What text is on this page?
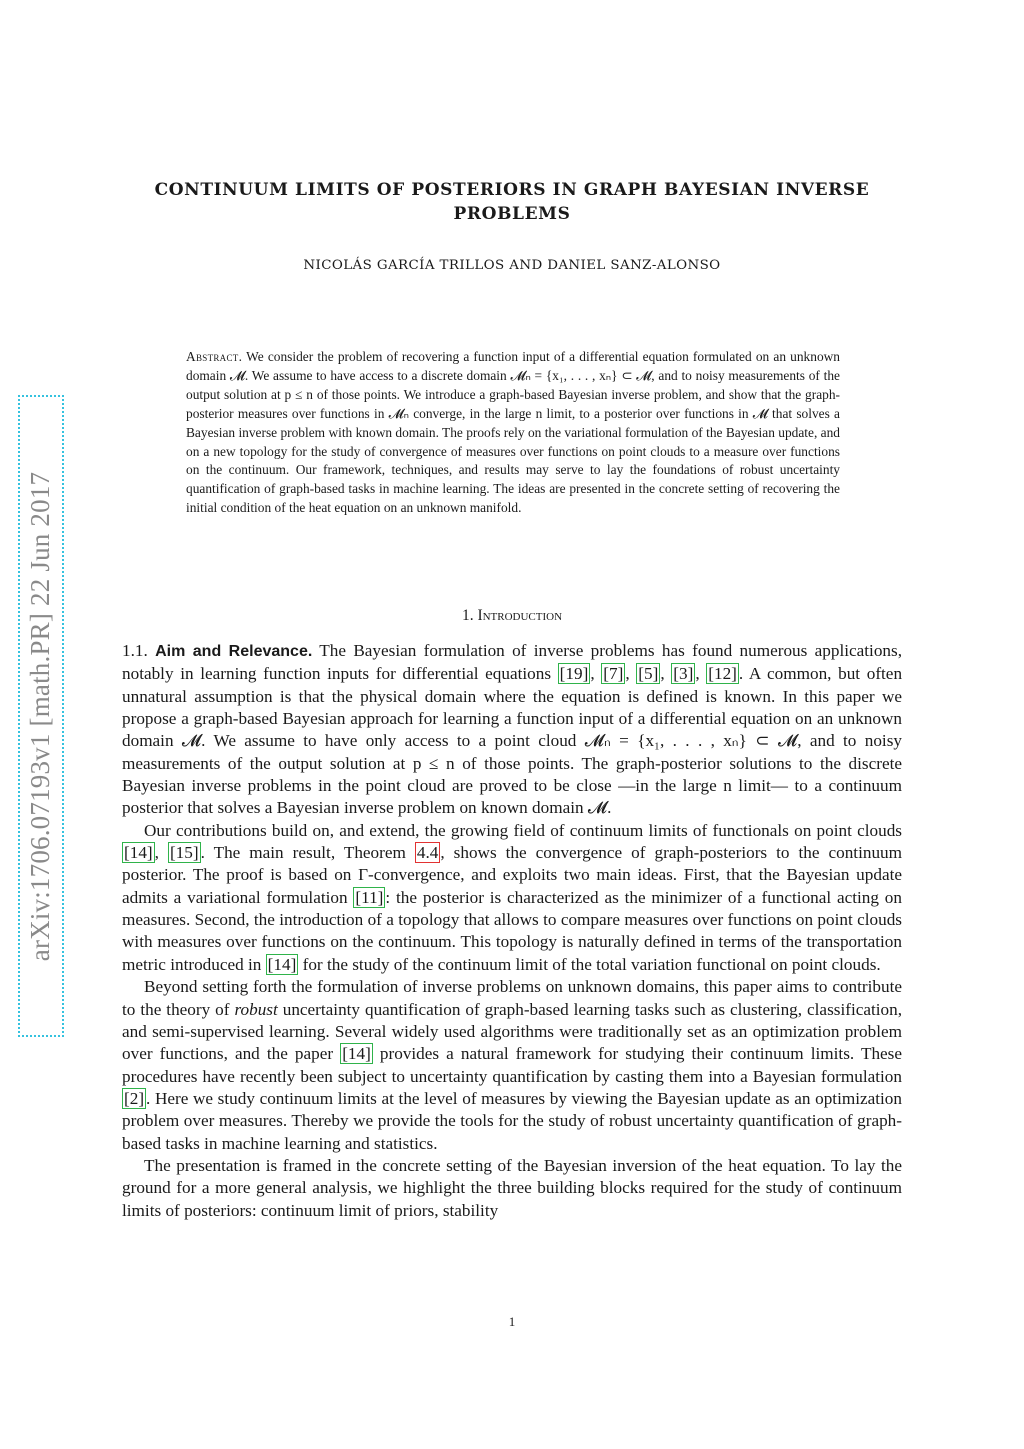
arXiv:1706.07193v1 [math.PR] 22 Jun 2017
CONTINUUM LIMITS OF POSTERIORS IN GRAPH BAYESIAN INVERSE
PROBLEMS
NICOLÁS GARCÍA TRILLOS AND DANIEL SANZ-ALONSO
Abstract. We consider the problem of recovering a function input of a differential equation formulated on an unknown domain 𝓜. We assume to have access to a discrete domain 𝓜ₙ = {x₁, . . . , xₙ} ⊂ 𝓜, and to noisy measurements of the output solution at p ≤ n of those points. We introduce a graph-based Bayesian inverse problem, and show that the graph-posterior measures over functions in 𝓜ₙ converge, in the large n limit, to a posterior over functions in 𝓜 that solves a Bayesian inverse problem with known domain. The proofs rely on the variational formulation of the Bayesian update, and on a new topology for the study of convergence of measures over functions on point clouds to a measure over functions on the continuum. Our framework, techniques, and results may serve to lay the foundations of robust uncertainty quantification of graph-based tasks in machine learning. The ideas are presented in the concrete setting of recovering the initial condition of the heat equation on an unknown manifold.
1. Introduction

1.1. Aim and Relevance. The Bayesian formulation of inverse problems has found numerous applications, notably in learning function inputs for differential equations [19] , [7] , [5] , [3] , [12] . A common, but often unnatural assumption is that the physical domain where the equation is defined is known. In this paper we propose a graph-based Bayesian approach for learning a function input of a differential equation on an unknown domain 𝓜. We assume to have only access to a point cloud 𝓜ₙ = {x₁, . . . , xₙ} ⊂ 𝓜, and to noisy measurements of the output solution at p ≤ n of those points. The graph-posterior solutions to the discrete Bayesian inverse problems in the point cloud are proved to be close —in the large n limit— to a continuum posterior that solves a Bayesian inverse problem on known domain 𝓜.

Our contributions build on, and extend, the growing field of continuum limits of functionals on point clouds [14] , [15] . The main result, Theorem 4.4 , shows the convergence of graph-posteriors to the continuum posterior. The proof is based on Γ-convergence, and exploits two main ideas. First, that the Bayesian update admits a variational formulation [11] : the posterior is characterized as the minimizer of a functional acting on measures. Second, the introduction of a topology that allows to compare measures over functions on point clouds with measures over functions on the continuum. This topology is naturally defined in terms of the transportation metric introduced in [14] for the study of the continuum limit of the total variation functional on point clouds.

Beyond setting forth the formulation of inverse problems on unknown domains, this paper aims to contribute to the theory of robust uncertainty quantification of graph-based learning tasks such as clustering, classification, and semi-supervised learning. Several widely used algorithms were traditionally set as an optimization problem over functions, and the paper [14] provides a natural framework for studying their continuum limits. These procedures have recently been subject to uncertainty quantification by casting them into a Bayesian formulation [2] . Here we study continuum limits at the level of measures by viewing the Bayesian update as an optimization problem over measures. Thereby we provide the tools for the study of robust uncertainty quantification of graph-based tasks in machine learning and statistics.

The presentation is framed in the concrete setting of the Bayesian inversion of the heat equation. To lay the ground for a more general analysis, we highlight the three building blocks required for the study of continuum limits of posteriors: continuum limit of priors, stability

1
